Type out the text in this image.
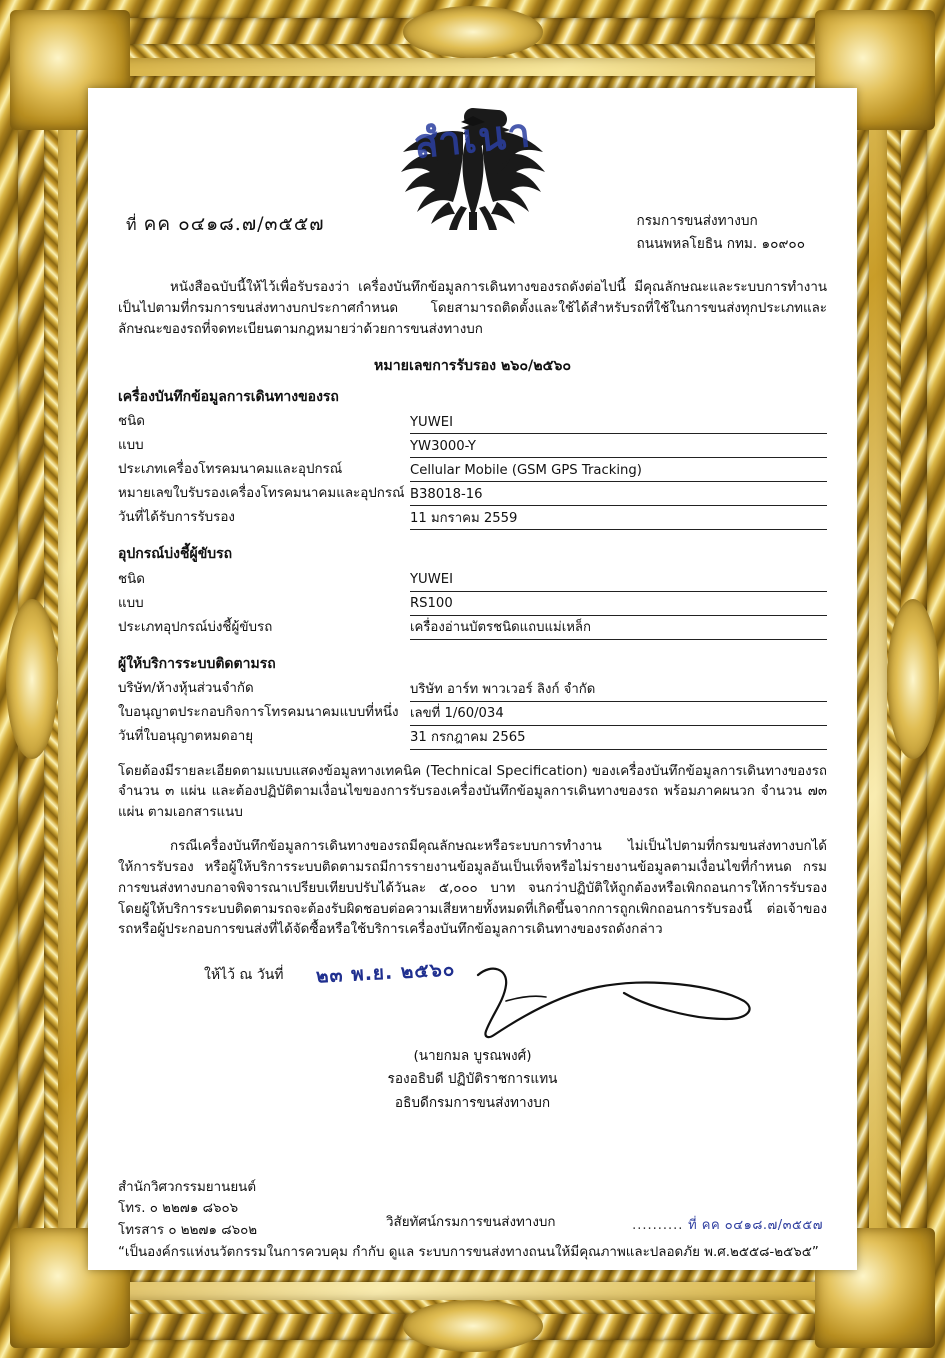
สำเนา
ที่ คค ๐๔๑๘.๗/๓๕๕๗	กรมการขนส่งทางบก
ถนนพหลโยธิน กทม. ๑๐๙๐๐

หนังสือฉบับนี้ให้ไว้เพื่อรับรองว่า เครื่องบันทึกข้อมูลการเดินทางของรถดังต่อไปนี้ มีคุณลักษณะและระบบการทำงานเป็นไปตามที่กรมการขนส่งทางบกประกาศกำหนด โดยสามารถติดตั้งและใช้ได้สำหรับรถที่ใช้ในการขนส่งทุกประเภทและลักษณะของรถที่จดทะเบียนตามกฎหมายว่าด้วยการขนส่งทางบก

หมายเลขการรับรอง ๒๖๐/๒๕๖๐
เครื่องบันทึกข้อมูลการเดินทางของรถ
ชนิด	YUWEI
แบบ	YW3000-Y
ประเภทเครื่องโทรคมนาคมและอุปกรณ์	Cellular Mobile (GSM GPS Tracking)
หมายเลขใบรับรองเครื่องโทรคมนาคมและอุปกรณ์	B38018-16
วันที่ได้รับการรับรอง	11 มกราคม 2559
อุปกรณ์บ่งชี้ผู้ขับรถ
ชนิด	YUWEI
แบบ	RS100
ประเภทอุปกรณ์บ่งชี้ผู้ขับรถ	เครื่องอ่านบัตรชนิดแถบแม่เหล็ก
ผู้ให้บริการระบบติดตามรถ
บริษัท/ห้างหุ้นส่วนจำกัด	บริษัท อาร์ท พาวเวอร์ ลิงก์ จำกัด
ใบอนุญาตประกอบกิจการโทรคมนาคมแบบที่หนึ่ง	เลขที่ 1/60/034
วันที่ใบอนุญาตหมดอายุ	31 กรกฎาคม 2565

โดยต้องมีรายละเอียดตามแบบแสดงข้อมูลทางเทคนิค (Technical Specification) ของเครื่องบันทึกข้อมูลการเดินทางของรถ จำนวน ๓ แผ่น และต้องปฏิบัติตามเงื่อนไขของการรับรองเครื่องบันทึกข้อมูลการเดินทางของรถ พร้อมภาคผนวก จำนวน ๗๓ แผ่น ตามเอกสารแนบ

กรณีเครื่องบันทึกข้อมูลการเดินทางของรถมีคุณลักษณะหรือระบบการทำงาน ไม่เป็นไปตามที่กรมขนส่งทางบกได้ให้การรับรอง หรือผู้ให้บริการระบบติดตามรถมีการรายงานข้อมูลอันเป็นเท็จหรือไม่รายงานข้อมูลตามเงื่อนไขที่กำหนด กรมการขนส่งทางบกอาจพิจารณาเปรียบเทียบปรับได้วันละ ๕,๐๐๐ บาท จนกว่าปฏิบัติให้ถูกต้องหรือเพิกถอนการให้การรับรอง โดยผู้ให้บริการระบบติดตามรถจะต้องรับผิดชอบต่อความเสียหายทั้งหมดที่เกิดขึ้นจากการถูกเพิกถอนการรับรองนี้ ต่อเจ้าของรถหรือผู้ประกอบการขนส่งที่ได้จัดซื้อหรือใช้บริการเครื่องบันทึกข้อมูลการเดินทางของรถดังกล่าว

ให้ไว้ ณ วันที่ ๒๓ พ.ย. ๒๕๖๐
(นายกมล บูรณพงศ์)
รองอธิบดี ปฏิบัติราชการแทน
อธิบดีกรมการขนส่งทางบก
สำนักวิศวกรรมยานยนต์
โทร. ๐ ๒๒๗๑ ๘๖๐๖
โทรสาร ๐ ๒๒๗๑ ๘๖๐๒
วิสัยทัศน์กรมการขนส่งทางบก	.......... ที่ คค ๐๔๑๘.๗/๓๕๕๗
“เป็นองค์กรแห่งนวัตกรรมในการควบคุม กำกับ ดูแล ระบบการขนส่งทางถนนให้มีคุณภาพและปลอดภัย พ.ศ.๒๕๕๘-๒๕๖๕”
